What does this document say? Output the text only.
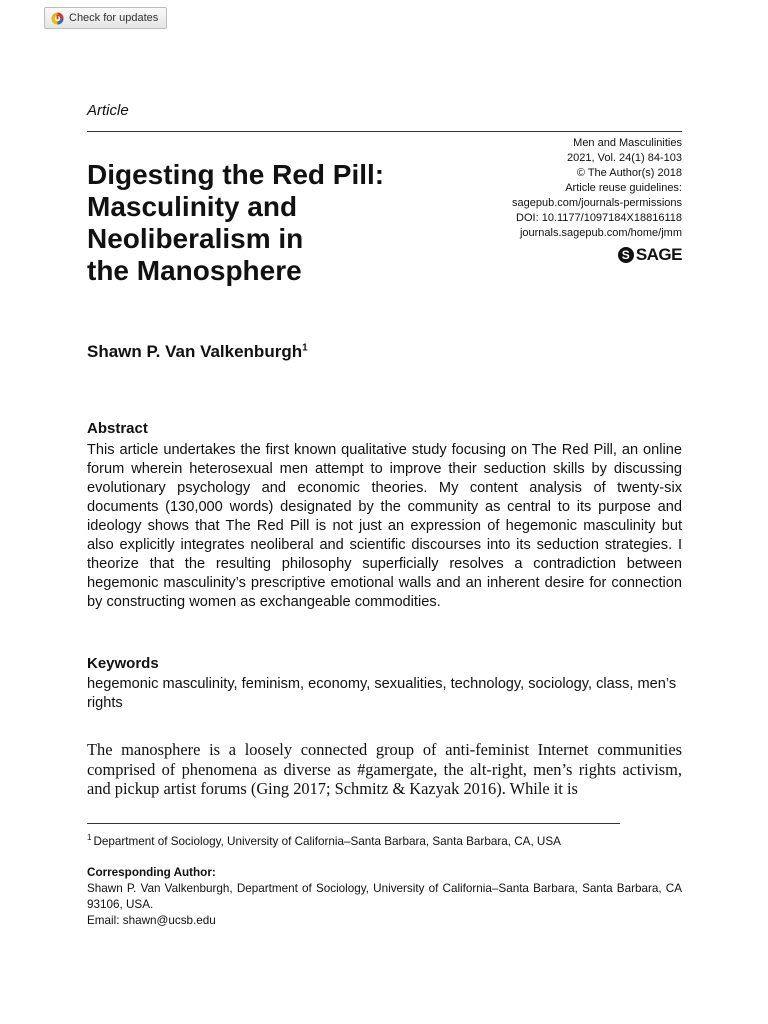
Check for updates
Article
Men and Masculinities
2021, Vol. 24(1) 84-103
© The Author(s) 2018
Article reuse guidelines:
sagepub.com/journals-permissions
DOI: 10.1177/1097184X18816118
journals.sagepub.com/home/jmm
S SAGE
Digesting the Red Pill:
Masculinity and
Neoliberalism in
the Manosphere
Shawn P. Van Valkenburgh$^1$
Abstract

This article undertakes the first known qualitative study focusing on The Red Pill, an online forum wherein heterosexual men attempt to improve their seduction skills by discussing evolutionary psychology and economic theories. My content analysis of twenty-six documents (130,000 words) designated by the community as central to its purpose and ideology shows that The Red Pill is not just an expression of hegemonic masculinity but also explicitly integrates neoliberal and scientific discourses into its seduction strategies. I theorize that the resulting philosophy superficially resolves a contradiction between hegemonic masculinity’s prescriptive emotional walls and an inherent desire for connection by constructing women as exchangeable commodities.

Keywords

hegemonic masculinity, feminism, economy, sexualities, technology, sociology, class, men’s rights

The manosphere is a loosely connected group of anti-feminist Internet communities comprised of phenomena as diverse as #gamergate, the alt-right, men’s rights activism, and pickup artist forums (Ging 2017; Schmitz & Kazyak 2016). While it is

$^1$ Department of Sociology, University of California–Santa Barbara, Santa Barbara, CA, USA
Corresponding Author:

Shawn P. Van Valkenburgh, Department of Sociology, University of California–Santa Barbara, Santa Barbara, CA 93106, USA.

Email: shawn@ucsb.edu
